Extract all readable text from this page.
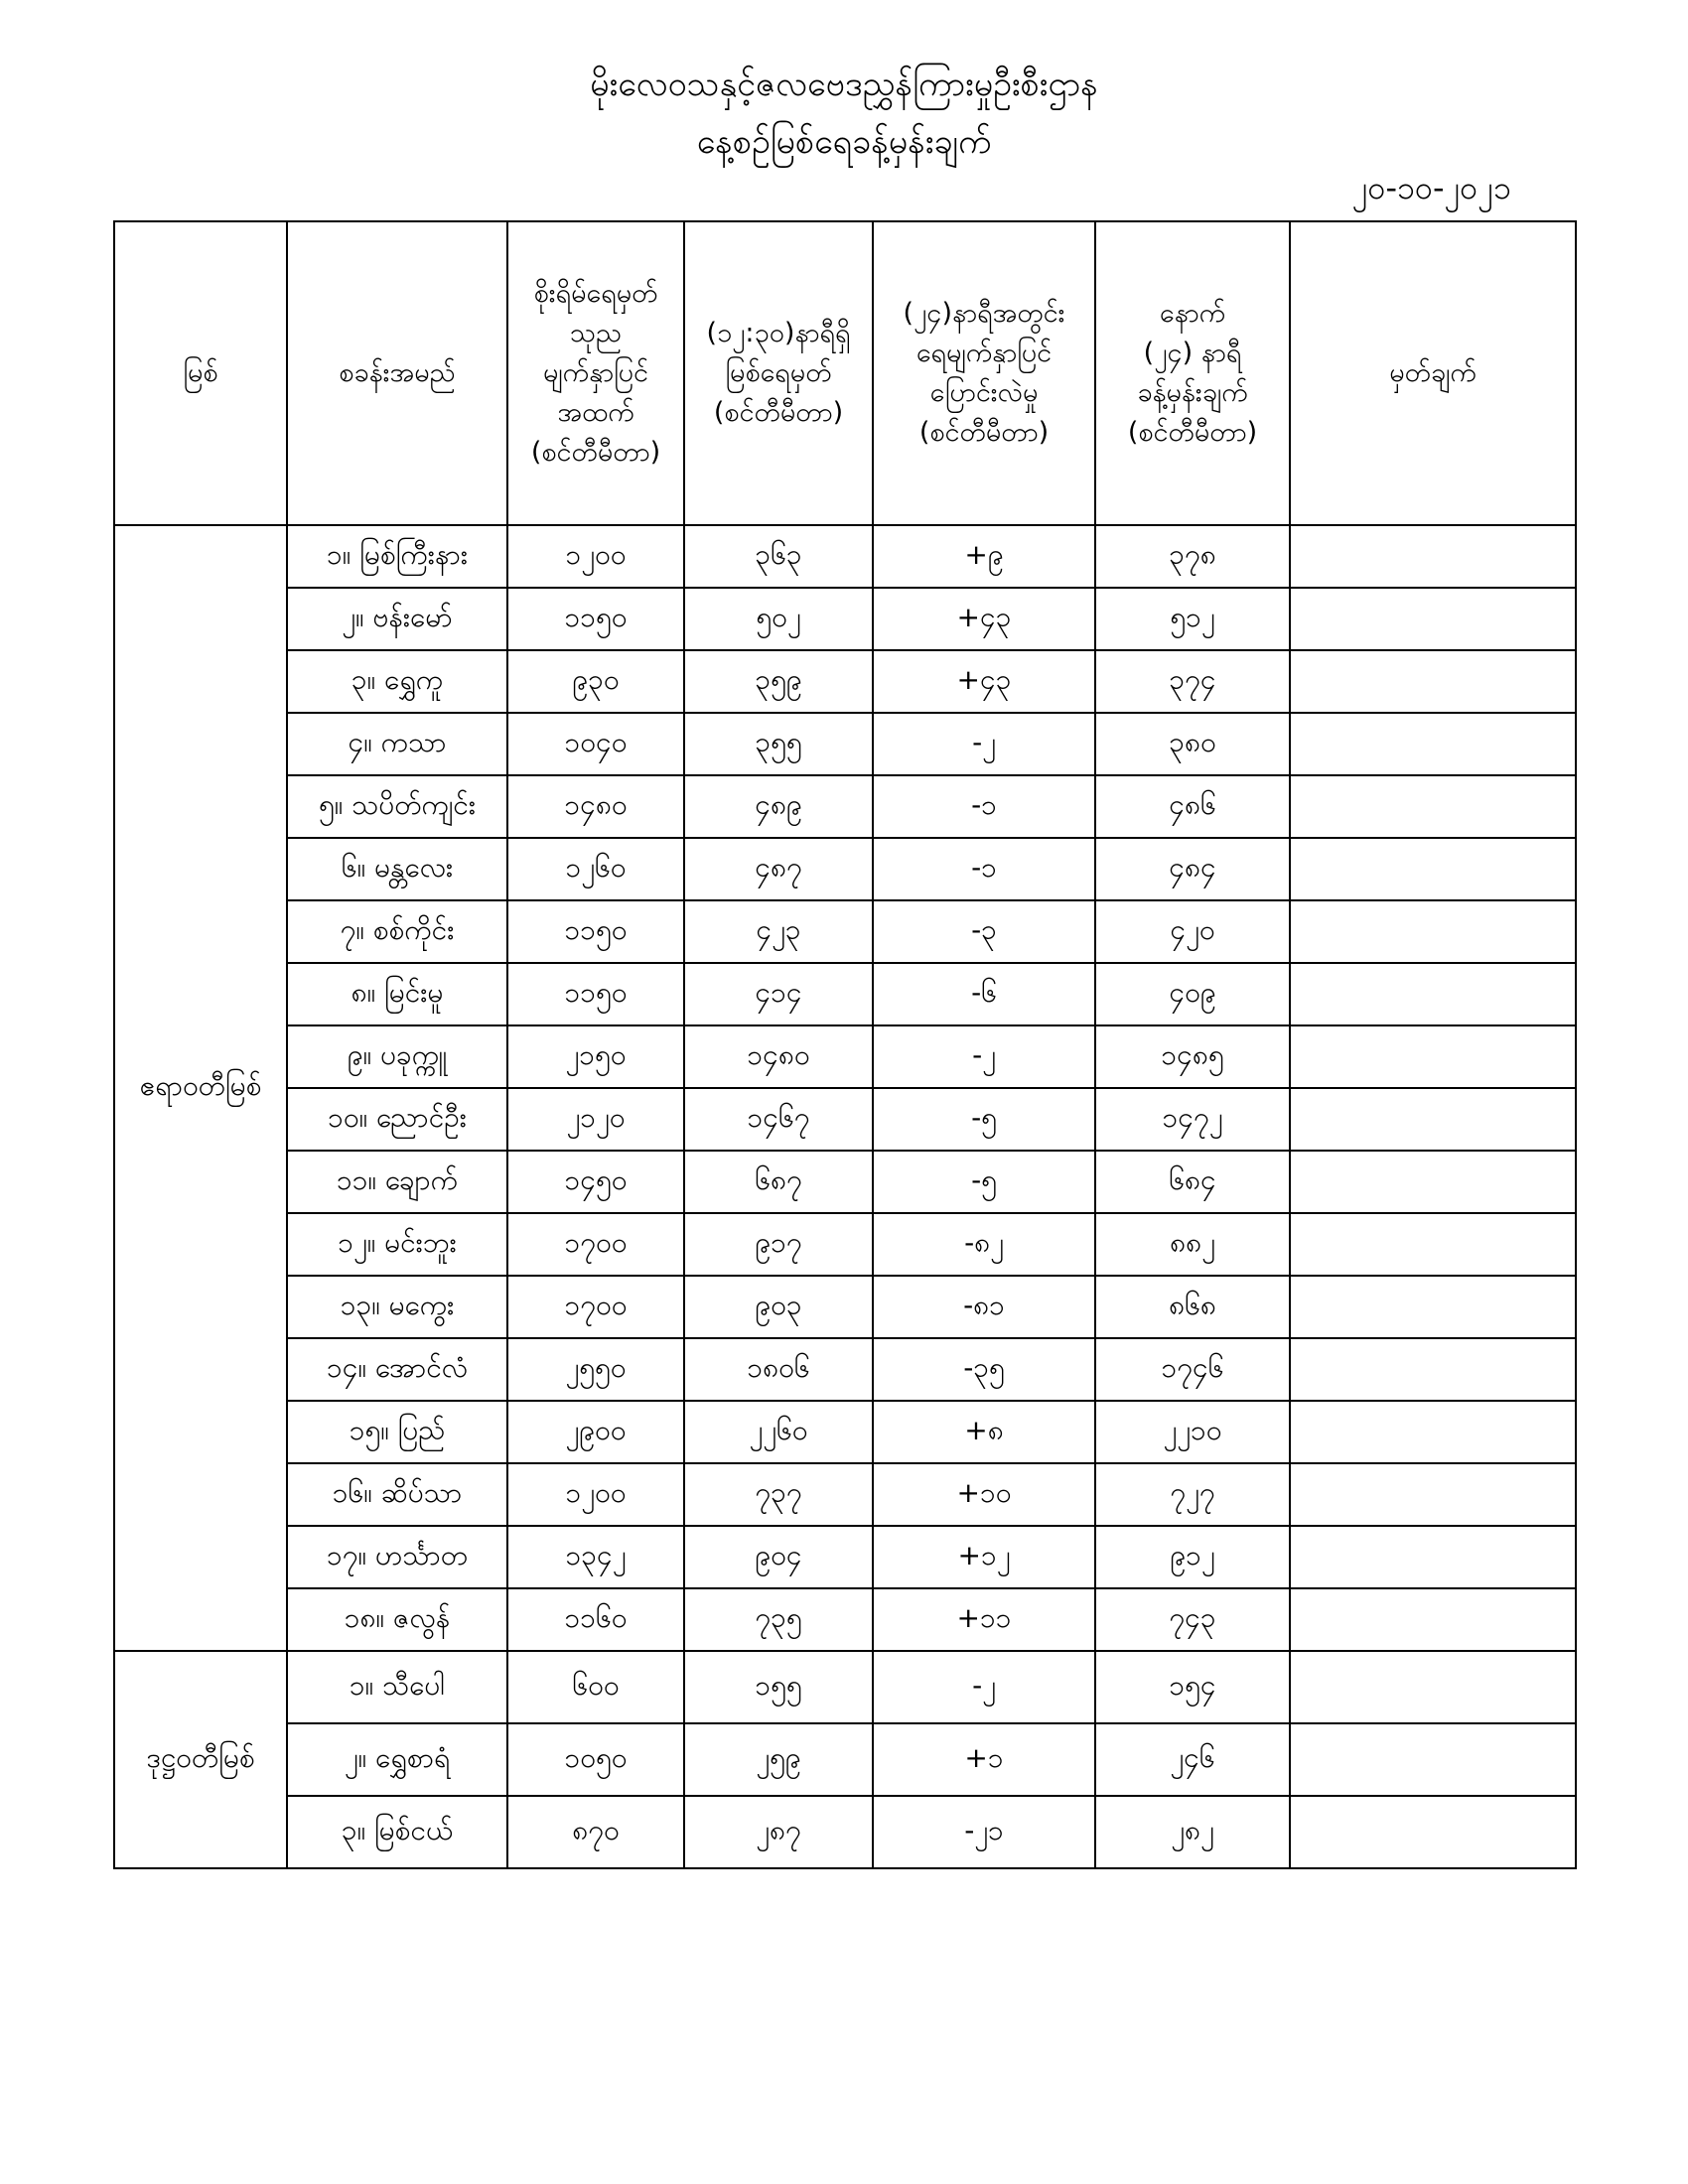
မိုးလေဝသနှင့်ဇလဗေဒညွှန်ကြားမှုဦးစီးဌာန
နေ့စဉ်မြစ်ရေခန့်မှန်းချက်
၂၀-၁၀-၂၀၂၁
မြစ်	စခန်းအမည်	စိုးရိမ်ရေမှတ်
သုည
မျက်နှာပြင်
အထက်
(စင်တီမီတာ)	(၁၂:၃၀)နာရီရှိ
မြစ်ရေမှတ်
(စင်တီမီတာ)	(၂၄)နာရီအတွင်း
ရေမျက်နှာပြင်
ပြောင်းလဲမှု
(စင်တီမီတာ)	နောက်
(၂၄) နာရီ
ခန့်မှန်းချက်
(စင်တီမီတာ)	မှတ်ချက်

ဧရာဝတီမြစ်	၁။ မြစ်ကြီးနား	၁၂၀၀	၃၆၃	+၉	၃၇၈	
	၂။ ဗန်းမော်	၁၁၅၀	၅၀၂	+၄၃	၅၁၂	
	၃။ ရွှေကူ	၉၃၀	၃၅၉	+၄၃	၃၇၄	
	၄။ ကသာ	၁၀၄၀	၃၅၅	-၂	၃၈၀	
	၅။ သပိတ်ကျင်း	၁၄၈၀	၄၈၉	-၁	၄၈၆	
	၆။ မန္တလေး	၁၂၆၀	၄၈၇	-၁	၄၈၄	
	၇။ စစ်ကိုင်း	၁၁၅၀	၄၂၃	-၃	၄၂၀	
	၈။ မြင်းမူ	၁၁၅၀	၄၁၄	-၆	၄၀၉	
	၉။ ပခုက္ကူ	၂၁၅၀	၁၄၈၀	-၂	၁၄၈၅	
	၁၀။ ညောင်ဦး	၂၁၂၀	၁၄၆၇	-၅	၁၄၇၂	
	၁၁။ ချောက်	၁၄၅၀	၆၈၇	-၅	၆၈၄	
	၁၂။ မင်းဘူး	၁၇၀၀	၉၁၇	-၈၂	၈၈၂	
	၁၃။ မကွေး	၁၇၀၀	၉၀၃	-၈၁	၈၆၈	
	၁၄။ အောင်လံ	၂၅၅၀	၁၈၀၆	-၃၅	၁၇၄၆	
	၁၅။ ပြည်	၂၉၀၀	၂၂၆၀	+၈	၂၂၁၀	
	၁၆။ ဆိပ်သာ	၁၂၀၀	၇၃၇	+၁၀	၇၂၇	
	၁၇။ ဟင်္သာတ	၁၃၄၂	၉၀၄	+၁၂	၉၁၂	
	၁၈။ ဇလွန်	၁၁၆၀	၇၃၅	+၁၁	၇၄၃	
ဒုဋ္ဌဝတီမြစ်	၁။ သီပေါ	၆၀၀	၁၅၅	-၂	၁၅၄	
	၂။ ရွှေစာရံ	၁၀၅၀	၂၅၉	+၁	၂၄၆	
	၃။ မြစ်ငယ်	၈၇၀	၂၈၇	-၂၁	၂၈၂	
